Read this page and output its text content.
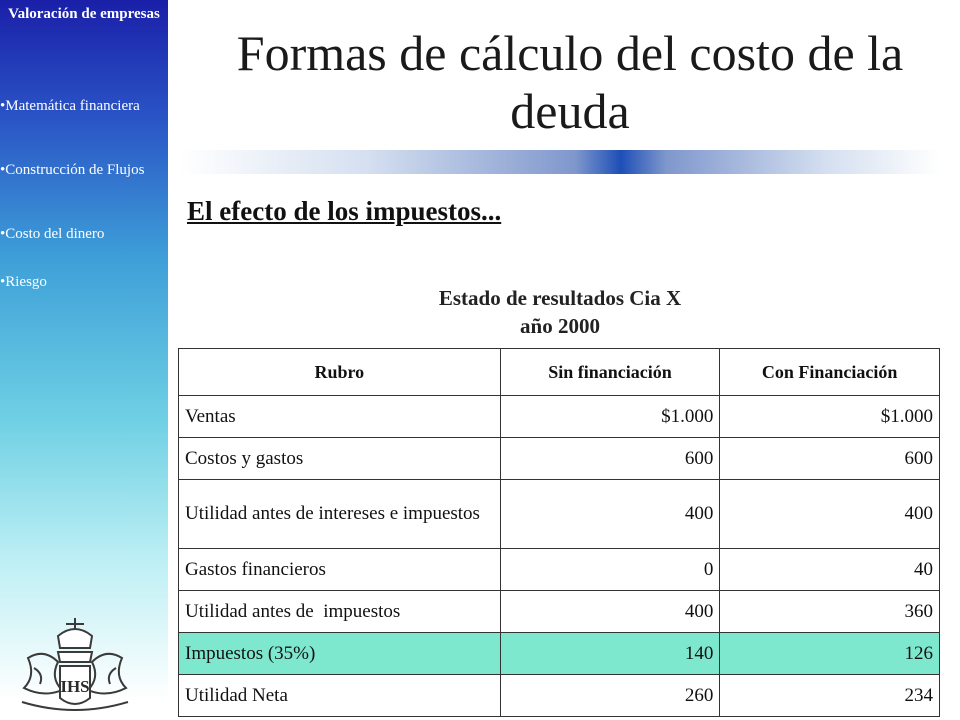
Valoración de empresas
•Matemática financiera
•Construcción de Flujos
•Costo del dinero
•Riesgo
IHS
Formas de cálculo del costo de la deuda
El efecto de los impuestos...
Estado de resultados Cia X
año 2000
Rubro	Sin financiación	Con Financiación
Ventas	$1.000	$1.000
Costos y gastos	600	600
Utilidad antes de intereses e impuestos	400	400
Gastos financieros	0	40
Utilidad antes de  impuestos	400	360
Impuestos (35%)	140	126
Utilidad Neta	260	234
